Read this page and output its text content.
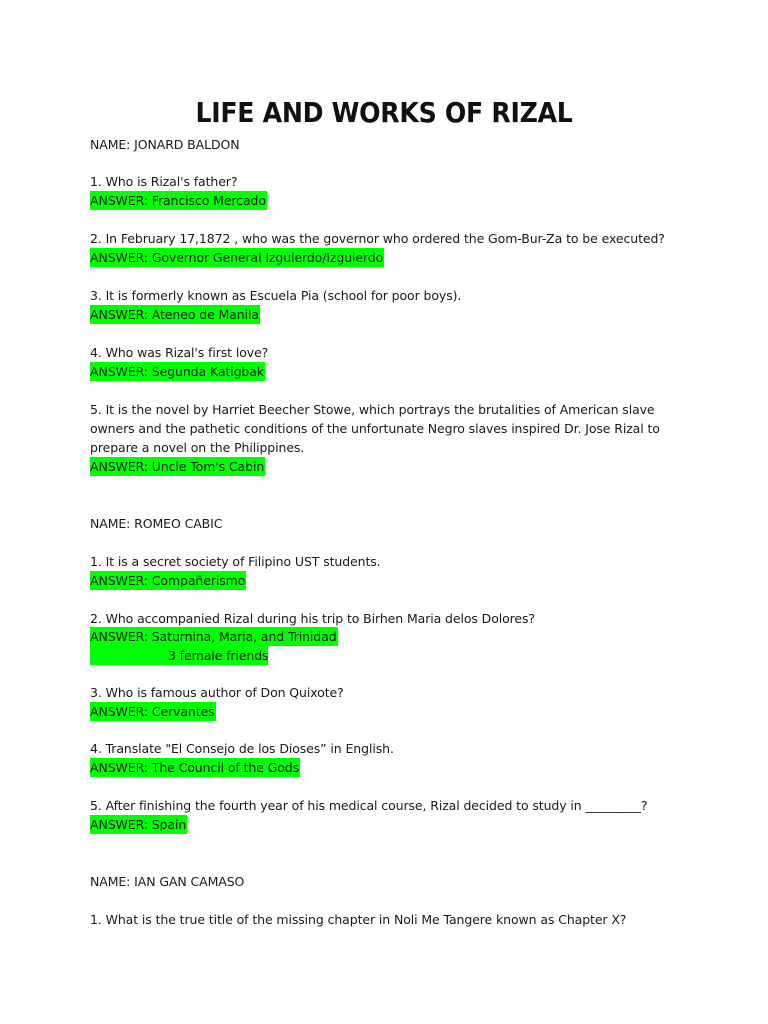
LIFE AND WORKS OF RIZAL
NAME: JONARD BALDON
1. Who is Rizal's father?
ANSWER: Francisco Mercado
2. In February 17,1872 , who was the governor who ordered the Gom-Bur-Za to be executed?
ANSWER: Governor General Izgulerdo/Izguierdo
3. It is formerly known as Escuela Pia (school for poor boys).
ANSWER: Ateneo de Manila
4. Who was Rizal's first love?
ANSWER: Segunda Katigbak
5. It is the novel by Harriet Beecher Stowe, which portrays the brutalities of American slave
owners and the pathetic conditions of the unfortunate Negro slaves inspired Dr. Jose Rizal to
prepare a novel on the Philippines.
ANSWER: Uncle Tom's Cabin
NAME: ROMEO CABIC
1. It is a secret society of Filipino UST students.
ANSWER: Compañerismo
2. Who accompanied Rizal during his trip to Birhen Maria delos Dolores?
ANSWER: Saturnina, Maria, and Trinidad
3 female friends
3. Who is famous author of Don Quixote?
ANSWER: Cervantes
4. Translate "El Consejo de los Dioses” in English.
ANSWER: The Council of the Gods
5. After finishing the fourth year of his medical course, Rizal decided to study in _________?
ANSWER: Spain
NAME: IAN GAN CAMASO
1. What is the true title of the missing chapter in Noli Me Tangere known as Chapter X?
